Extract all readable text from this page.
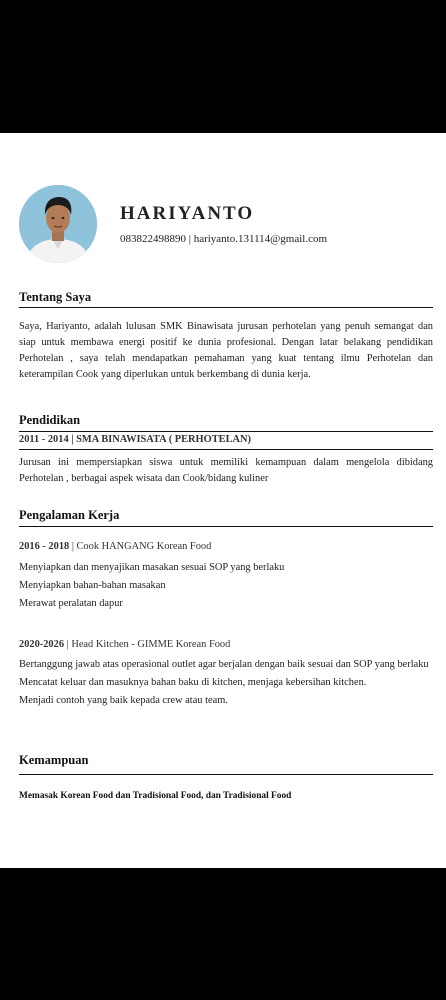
HARIYANTO
083822498890 | hariyanto.131114@gmail.com
Tentang Saya
Saya, Hariyanto, adalah lulusan SMK Binawisata jurusan perhotelan yang penuh semangat dan siap untuk membawa energi positif ke dunia profesional. Dengan latar belakang pendidikan Perhotelan , saya telah mendapatkan pemahaman yang kuat tentang ilmu Perhotelan dan keterampilan Cook yang diperlukan untuk berkembang di dunia kerja.
Pendidikan
2011 - 2014 | SMA BINAWISATA ( PERHOTELAN)
Jurusan ini mempersiapkan siswa untuk memiliki kemampuan dalam mengelola dibidang Perhotelan , berbagai aspek wisata dan Cook/bidang kuliner
Pengalaman Kerja
2016 - 2018 | Cook HANGANG Korean Food
Menyiapkan dan menyajikan masakan sesuai SOP yang berlaku
Menyiapkan bahan-bahan masakan
Merawat peralatan dapur
2020-2026 | Head Kitchen - GIMME Korean Food
Bertanggung jawab atas operasional outlet agar berjalan dengan baik sesuai dan SOP yang berlaku
Mencatat keluar dan masuknya bahan baku di kitchen, menjaga kebersihan kitchen.
Menjadi contoh yang baik kepada crew atau team.
Kemampuan
Memasak Korean Food dan Tradisional Food, dan Tradisional Food
